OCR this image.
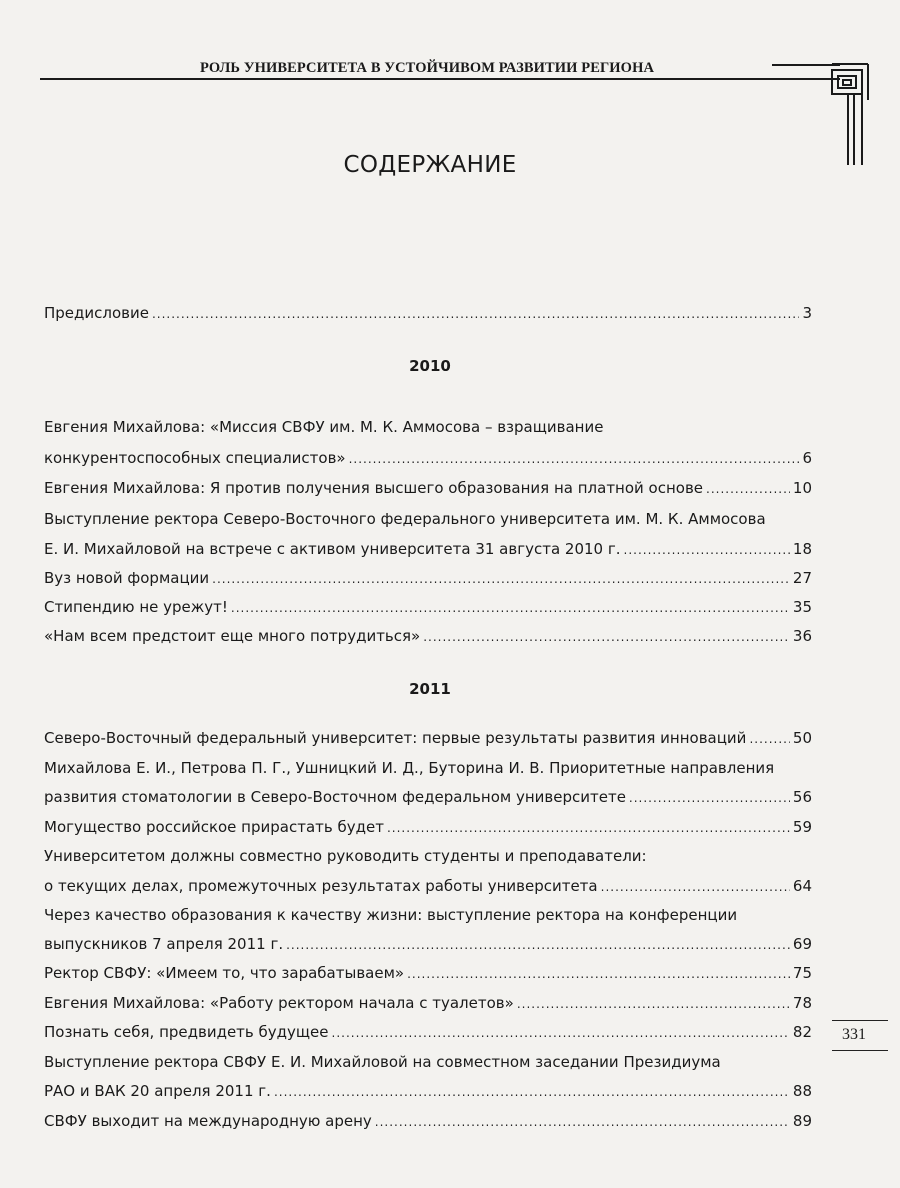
РОЛЬ УНИВЕРСИТЕТА В УСТОЙЧИВОМ РАЗВИТИИ РЕГИОНА
СОДЕРЖАНИЕ
Предисловие .....	3
2010
Евгения Михайлова: «Миссия СВФУ им. М. К. Аммосова – взращивание
конкурентоспособных специалистов» .....	6
Евгения Михайлова: Я против получения высшего образования на платной основе .....	10
Выступление ректора Северо-Восточного федерального университета им. М. К. Аммосова
Е. И. Михайловой на встрече с активом университета 31 августа 2010 г. .....	18
Вуз новой формации .....	27
Стипендию не урежут! .....	35
«Нам всем предстоит еще много потрудиться» .....	36
2011
Северо-Восточный федеральный университет: первые результаты развития инноваций .....	50
Михайлова Е. И., Петрова П. Г., Ушницкий И. Д., Буторина И. В. Приоритетные направления
развития стоматологии в Северо-Восточном федеральном университете .....	56
Могущество российское прирастать будет .....	59
Университетом должны совместно руководить студенты и преподаватели:
о текущих делах, промежуточных результатах работы университета .....	64
Через качество образования к качеству жизни: выступление ректора на конференции
выпускников 7 апреля 2011 г. .....	69
Ректор СВФУ: «Имеем то, что зарабатываем» .....	75
Евгения Михайлова: «Работу ректором начала с туалетов» .....	78
Познать себя, предвидеть будущее .....	82
Выступление ректора СВФУ Е. И. Михайловой на совместном заседании Президиума
РАО и ВАК 20 апреля 2011 г. .....	88
СВФУ выходит на международную арену .....	89
331
